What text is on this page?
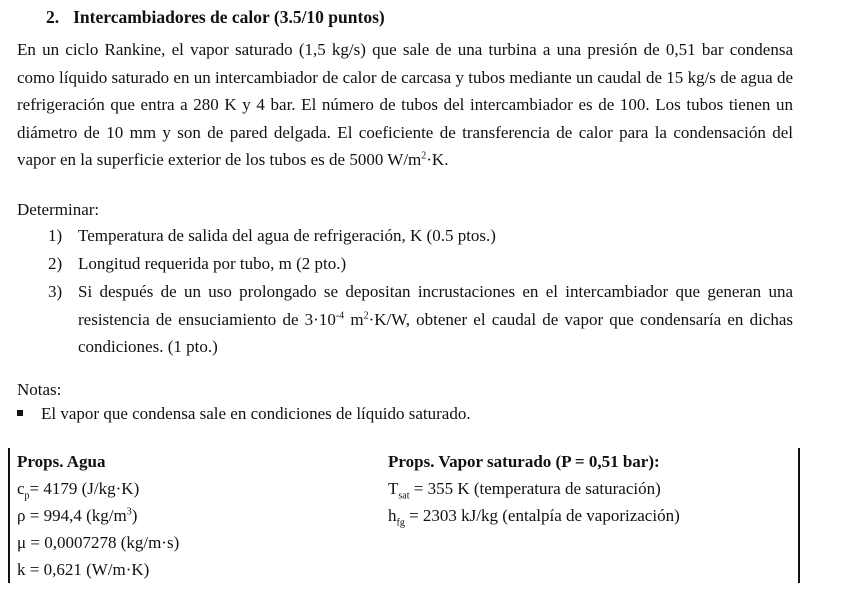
2. Intercambiadores de calor (3.5/10 puntos)
En un ciclo Rankine, el vapor saturado (1,5 kg/s) que sale de una turbina a una presión de 0,51 bar condensa como líquido saturado en un intercambiador de calor de carcasa y tubos mediante un caudal de 15 kg/s de agua de refrigeración que entra a 280 K y 4 bar. El número de tubos del intercambiador es de 100. Los tubos tienen un diámetro de 10 mm y son de pared delgada. El coeficiente de transferencia de calor para la condensación del vapor en la superficie exterior de los tubos es de 5000 $W/m^2\cdot K$.
Determinar:
1) Temperatura de salida del agua de refrigeración, K (0.5 ptos.)
2) Longitud requerida por tubo, m (2 pto.)
3) Si después de un uso prolongado se depositan incrustaciones en el intercambiador que generan una resistencia de ensuciamiento de $3\cdot 10^{-4}$ $m^2\cdot K/W$, obtener el caudal de vapor que condensaría en dichas condiciones. (1 pto.)
Notas:
El vapor que condensa sale en condiciones de líquido saturado.
Props. Agua
$c_p= 4179$ (J/kg·K)
ρ = 994,4 $(kg/m^3)$
μ = 0,0007278 (kg/m·s)
k = 0,621 (W/m·K)
Props. Vapor saturado (P = 0,51 bar):
$T_{sat} = 355$ K (temperatura de saturación)
$h_{fg} = 2303$ kJ/kg (entalpía de vaporización)
